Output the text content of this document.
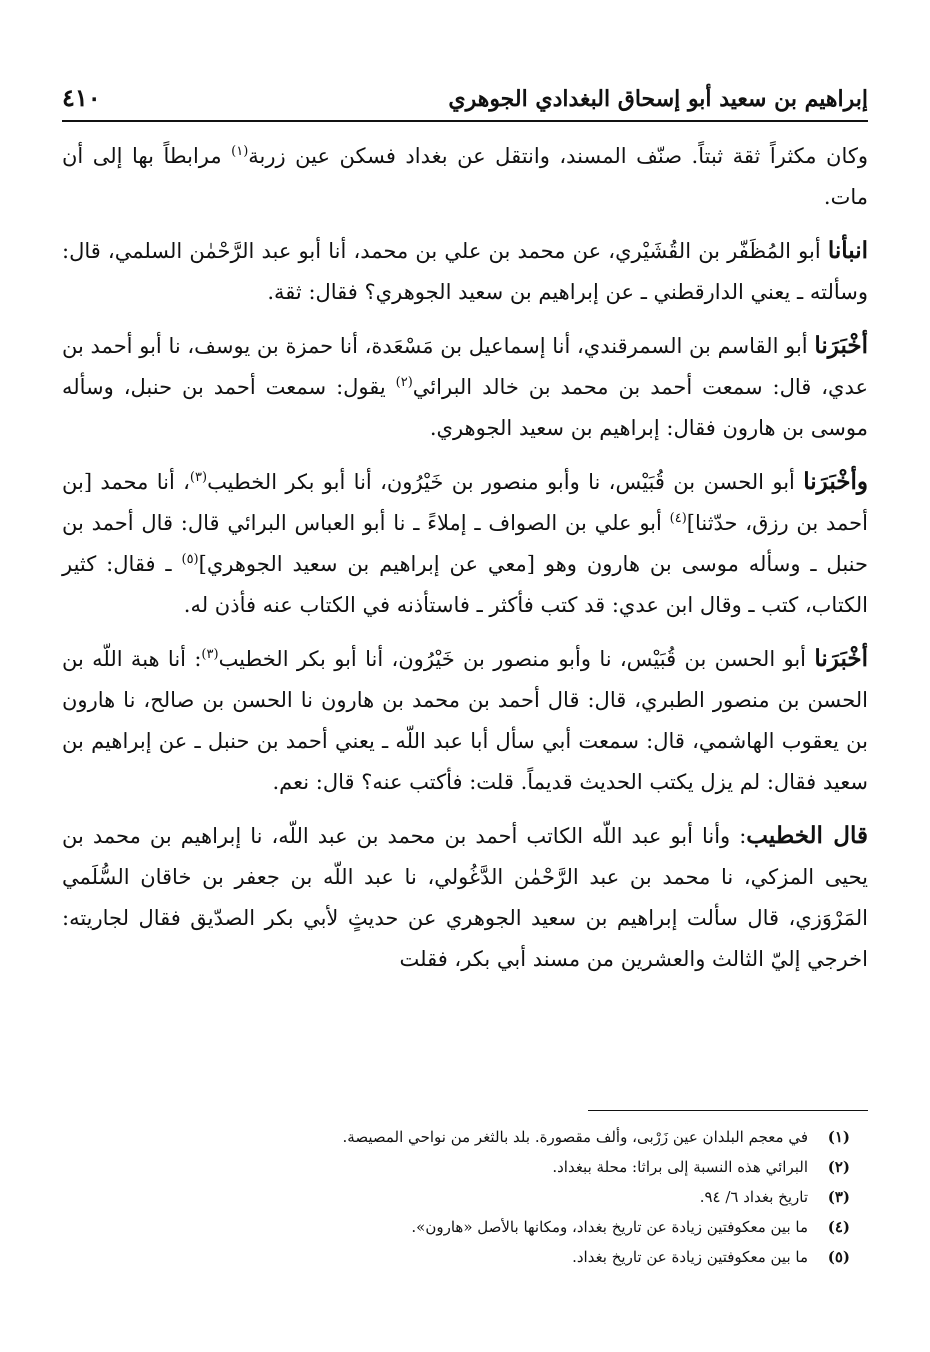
إبراهيم بن سعيد أبو إسحاق البغدادي الجوهري
٤١٠

وكان مكثراً ثقة ثبتاً. صنّف المسند، وانتقل عن بغداد فسكن عين زربة$^{(١)}$ مرابطاً بها إلى أن مات.

انبأنا أبو المُظَفّر بن القُشَيْري، عن محمد بن علي بن محمد، أنا أبو عبد الرَّحْمٰن السلمي، قال: وسألته ـ يعني الدارقطني ـ عن إبراهيم بن سعيد الجوهري؟ فقال: ثقة.

أخْبَرَنا أبو القاسم بن السمرقندي، أنا إسماعيل بن مَسْعَدة، أنا حمزة بن يوسف، نا أبو أحمد بن عدي، قال: سمعت أحمد بن محمد بن خالد البرائي$^{(٢)}$ يقول: سمعت أحمد بن حنبل، وسأله موسى بن هارون فقال: إبراهيم بن سعيد الجوهري.

وأخْبَرَنا أبو الحسن بن قُبَيْس، نا وأبو منصور بن خَيْرُون، أنا أبو بكر الخطيب$^{(٣)}$، أنا محمد [بن أحمد بن رزق، حدّثنا]$^{(٤)}$ أبو علي بن الصواف ـ إملاءً ـ نا أبو العباس البرائي قال: قال أحمد بن حنبل ـ وسأله موسى بن هارون وهو [معي عن إبراهيم بن سعيد الجوهري]$^{(٥)}$ ـ فقال: كثير الكتاب، كتب ـ وقال ابن عدي: قد كتب فأكثر ـ فاستأذنه في الكتاب عنه فأذن له.

أخْبَرَنا أبو الحسن بن قُبَيْس، نا وأبو منصور بن خَيْرُون، أنا أبو بكر الخطيب$^{(٣)}$: أنا هبة اللّه بن الحسن بن منصور الطبري، قال: قال أحمد بن محمد بن هارون نا الحسن بن صالح، نا هارون بن يعقوب الهاشمي، قال: سمعت أبي سأل أبا عبد اللّه ـ يعني أحمد بن حنبل ـ عن إبراهيم بن سعيد فقال: لم يزل يكتب الحديث قديماً. قلت: فأكتب عنه؟ قال: نعم.

قال الخطيب: وأنا أبو عبد اللّه الكاتب أحمد بن محمد بن عبد اللّه، نا إبراهيم بن محمد بن يحيى المزكي، نا محمد بن عبد الرَّحْمٰن الدَّغُولي، نا عبد اللّه بن جعفر بن خاقان السُّلَمي المَرْوَزي، قال سألت إبراهيم بن سعيد الجوهري عن حديثٍ لأبي بكر الصدّيق فقال لجاريته: اخرجي إليّ الثالث والعشرين من مسند أبي بكر، فقلت

(١)
في معجم البلدان عين زَرْبى، وألف مقصورة. بلد بالثغر من نواحي المصيصة.
(٢)
البرائي هذه النسبة إلى براثا: محلة ببغداد.
(٣)
تاريخ بغداد ٦/ ٩٤.
(٤)
ما بين معكوفتين زيادة عن تاريخ بغداد، ومكانها بالأصل «هارون».
(٥)
ما بين معكوفتين زيادة عن تاريخ بغداد.
